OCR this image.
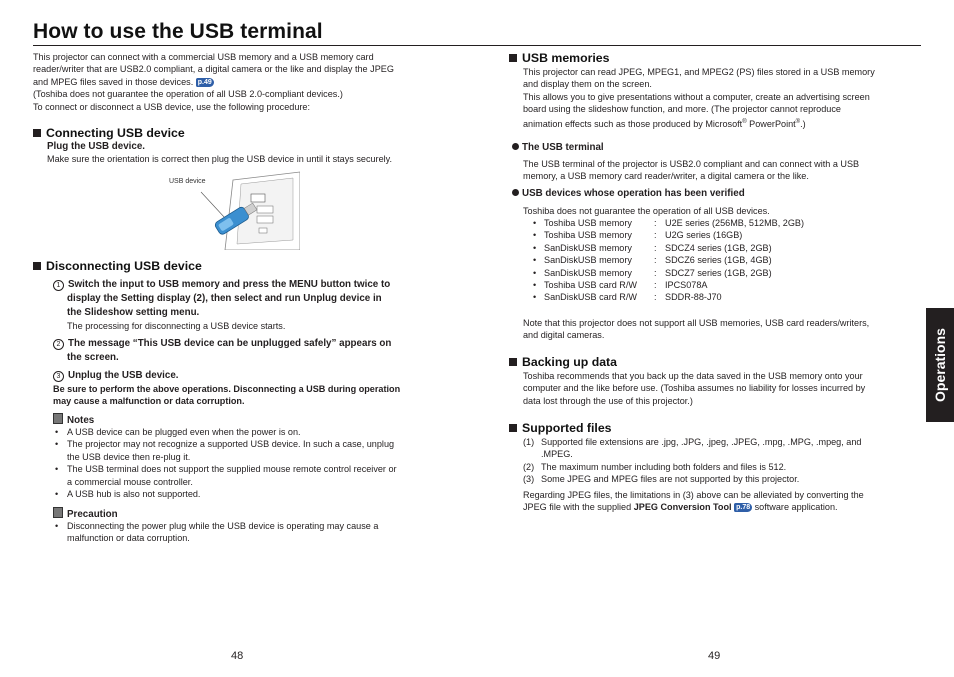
How to use the USB terminal
This projector can connect with a commercial USB memory and a USB memory card
reader/writer that are USB2.0 compliant, a digital camera or the like and display the JPEG
and MPEG files saved in those devices. p.49
(Toshiba does not guarantee the operation of all USB 2.0-compliant devices.)
To connect or disconnect a USB device, use the following procedure:
Connecting USB device
Plug the USB device.
Make sure the orientation is correct then plug the USB device in until it stays securely.
USB device
Disconnecting USB device
1 Switch the input to USB memory and press the MENU button twice to
display the Setting display (2), then select and run Unplug device in
the Slideshow setting menu.
The processing for disconnecting a USB device starts.
2 The message “This USB device can be unplugged safely” appears on
the screen.
3 Unplug the USB device.
Be sure to perform the above operations. Disconnecting a USB during operation
may cause a malfunction or data corruption.
Notes
• A USB device can be plugged even when the power is on.
• The projector may not recognize a supported USB device. In such a case, unplug
the USB device then re-plug it.
• The USB terminal does not support the supplied mouse remote control receiver or
a commercial mouse controller.
• A USB hub is also not supported.
Precaution
• Disconnecting the power plug while the USB device is operating may cause a
malfunction or data corruption.
USB memories
This projector can read JPEG, MPEG1, and MPEG2 (PS) files stored in a USB memory
and display them on the screen.
This allows you to give presentations without a computer, create an advertising screen
board using the slideshow function, and more. (The projector cannot reproduce
animation effects such as those produced by Microsoft® PowerPoint®.)
The USB terminal
The USB terminal of the projector is USB2.0 compliant and can connect with a USB
memory, a USB memory card reader/writer, a digital camera or the like.
USB devices whose operation has been verified
Toshiba does not guarantee the operation of all USB devices.
• Toshiba USB memory : U2E series (256MB, 512MB, 2GB)
• Toshiba USB memory : U2G series (16GB)
• SanDiskUSB memory : SDCZ4 series (1GB, 2GB)
• SanDiskUSB memory : SDCZ6 series (1GB, 4GB)
• SanDiskUSB memory : SDCZ7 series (1GB, 2GB)
• Toshiba USB card R/W : IPCS078A
• SanDiskUSB card R/W : SDDR-88-J70
Note that this projector does not support all USB memories, USB card readers/writers,
and digital cameras.
Backing up data
Toshiba recommends that you back up the data saved in the USB memory onto your
computer and the like before use. (Toshiba assumes no liability for losses incurred by
data lost through the use of this projector.)
Supported files
(1) Supported file extensions are .jpg, .JPG, .jpeg, .JPEG, .mpg, .MPG, .mpeg, and
.MPEG.
(2) The maximum number including both folders and files is 512.
(3) Some JPEG and MPEG files are not supported by this projector.
Regarding JPEG files, the limitations in (3) above can be alleviated by converting the
JPEG file with the supplied JPEG Conversion Tool p.78 software application.
Operations
48	49
